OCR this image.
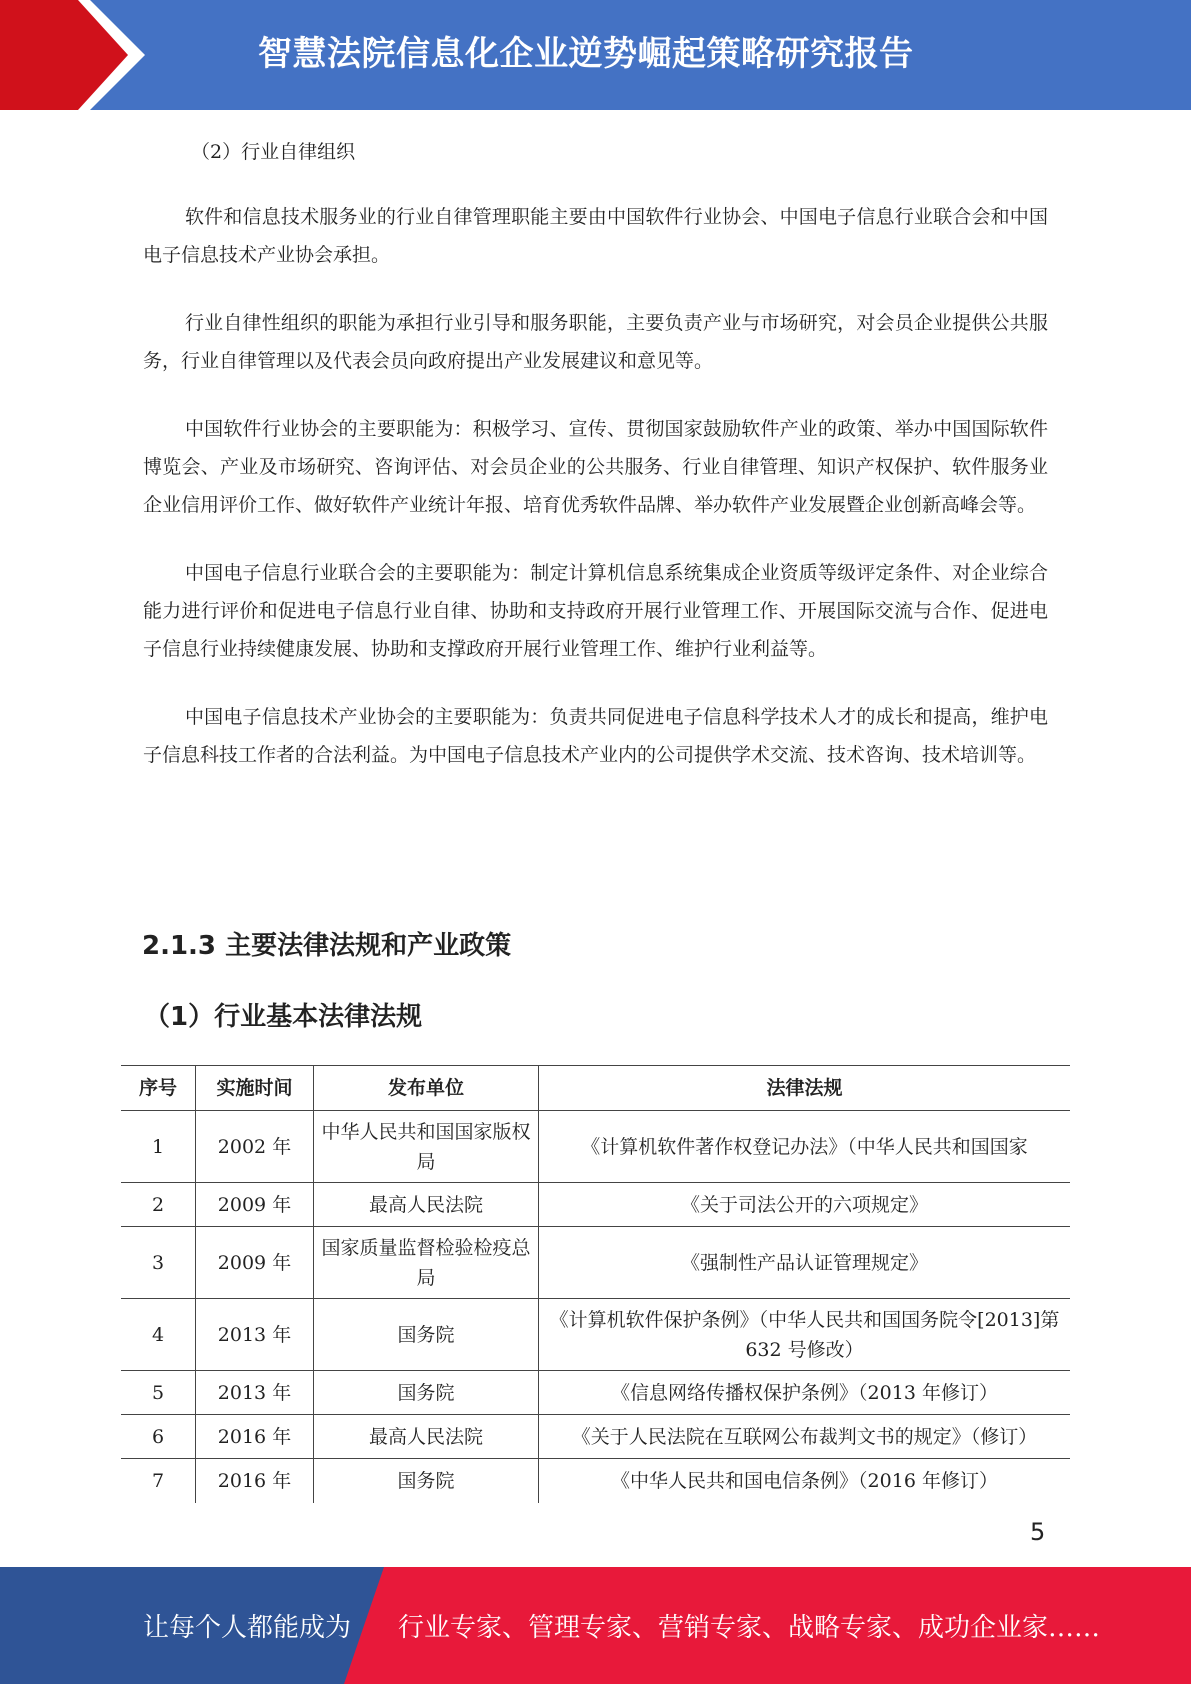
智慧法院信息化企业逆势崛起策略研究报告
（2）行业自律组织

软件和信息技术服务业的行业自律管理职能主要由中国软件行业协会、中国电子信息行业联合会和中国电子信息技术产业协会承担。

行业自律性组织的职能为承担行业引导和服务职能，主要负责产业与市场研究，对会员企业提供公共服务，行业自律管理以及代表会员向政府提出产业发展建议和意见等。

中国软件行业协会的主要职能为：积极学习、宣传、贯彻国家鼓励软件产业的政策、举办中国国际软件博览会、产业及市场研究、咨询评估、对会员企业的公共服务、行业自律管理、知识产权保护、软件服务业企业信用评价工作、做好软件产业统计年报、培育优秀软件品牌、举办软件产业发展暨企业创新高峰会等。

中国电子信息行业联合会的主要职能为：制定计算机信息系统集成企业资质等级评定条件、对企业综合能力进行评价和促进电子信息行业自律、协助和支持政府开展行业管理工作、开展国际交流与合作、促进电子信息行业持续健康发展、协助和支撑政府开展行业管理工作、维护行业利益等。

中国电子信息技术产业协会的主要职能为：负责共同促进电子信息科学技术人才的成长和提高，维护电子信息科技工作者的合法利益。为中国电子信息技术产业内的公司提供学术交流、技术咨询、技术培训等。

2.1.3 主要法律法规和产业政策
（1）行业基本法律法规
序号	实施时间	发布单位	法律法规
1	2002 年	中华人民共和国国家版权局	《计算机软件著作权登记办法》（中华人民共和国国家
2	2009 年	最高人民法院	《关于司法公开的六项规定》
3	2009 年	国家质量监督检验检疫总局	《强制性产品认证管理规定》
4	2013 年	国务院	《计算机软件保护条例》（中华人民共和国国务院令[2013]第 632 号修改）
5	2013 年	国务院	《信息网络传播权保护条例》（2013 年修订）
6	2016 年	最高人民法院	《关于人民法院在互联网公布裁判文书的规定》（修订）
7	2016 年	国务院	《中华人民共和国电信条例》（2016 年修订）
5
让每个人都能成为 行业专家、管理专家、营销专家、战略专家、成功企业家……
